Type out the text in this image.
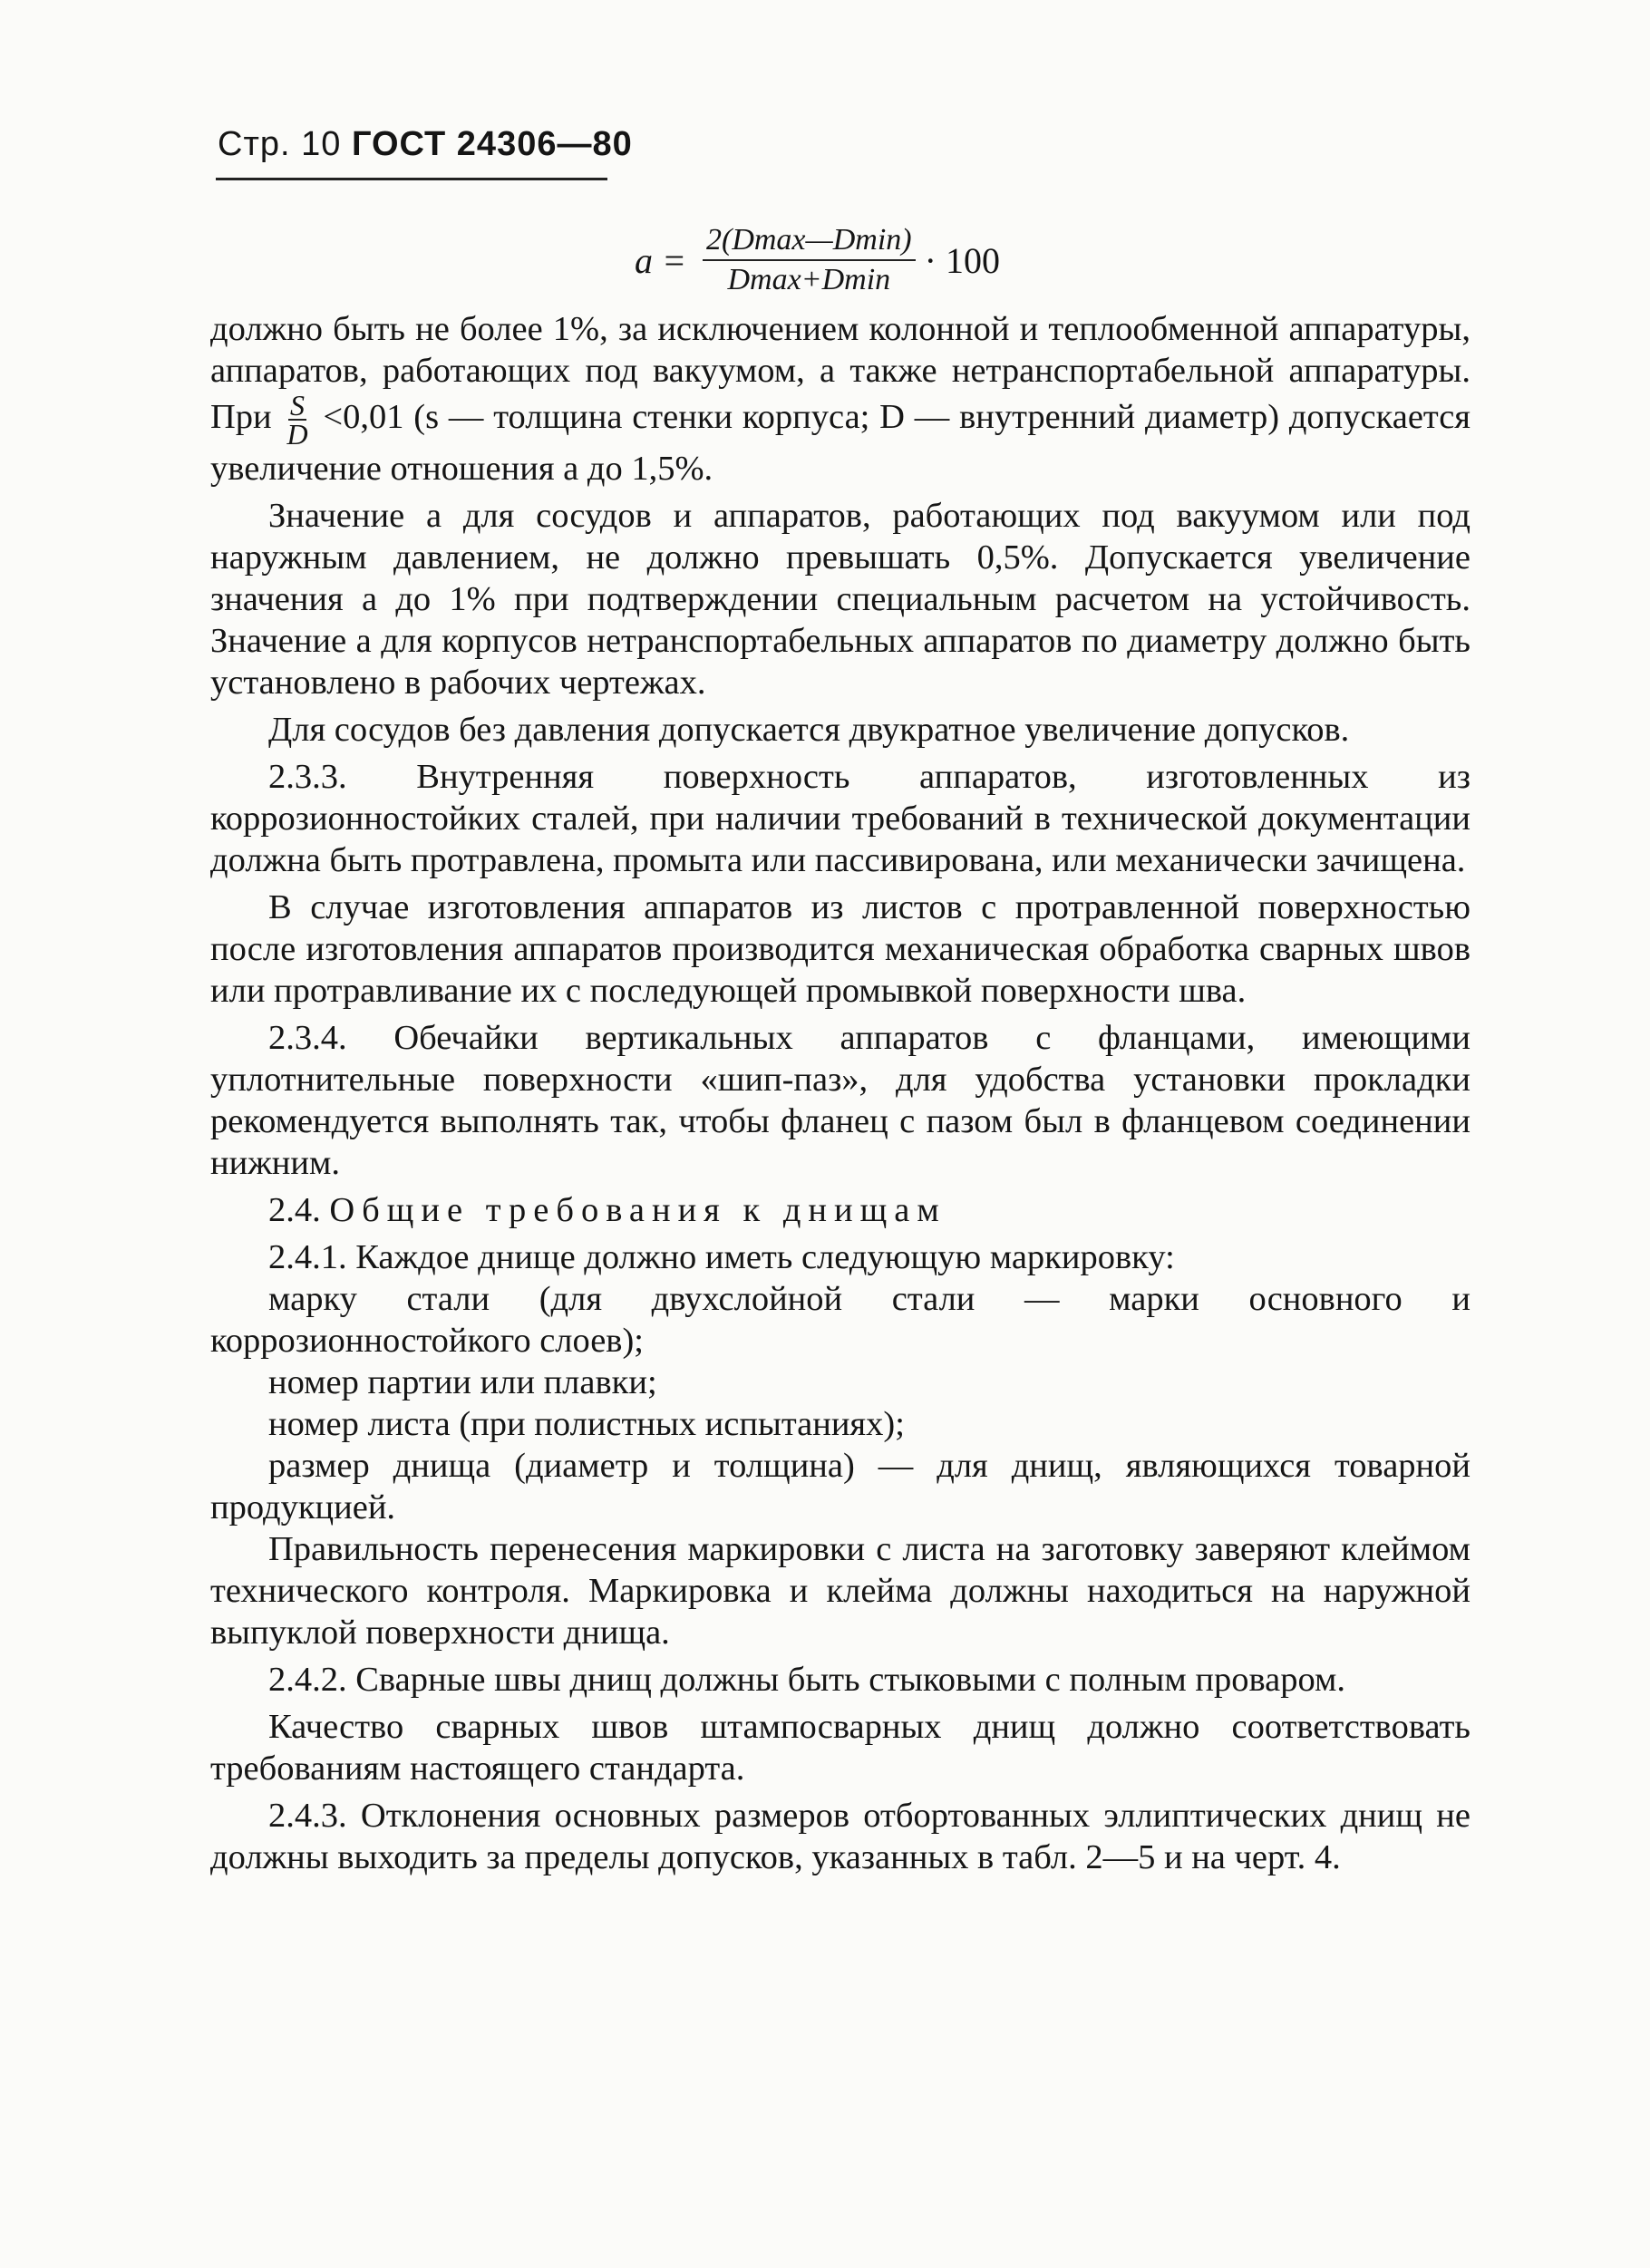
Стр. 10 ГОСТ 24306—80
$a = \frac{2(Dmax—Dmin)}{Dmax+Dmin} \cdot 100$

должно быть не более 1%, за исключением колонной и теплообменной аппаратуры, аппаратов, работающих под вакуумом, а также нетранспортабельной аппаратуры. При $\frac{S}{D} <0,01$ (s — толщина стенки корпуса; D — внутренний диаметр) допускается увеличение отношения a до 1,5%.

Значение a для сосудов и аппаратов, работающих под вакуумом или под наружным давлением, не должно превышать 0,5%. Допускается увеличение значения a до 1% при подтверждении специальным расчетом на устойчивость. Значение a для корпусов нетранспортабельных аппаратов по диаметру должно быть установлено в рабочих чертежах.

Для сосудов без давления допускается двукратное увеличение допусков.

2.3.3. Внутренняя поверхность аппаратов, изготовленных из коррозионностойких сталей, при наличии требований в технической документации должна быть протравлена, промыта или пассивирована, или механически зачищена.

В случае изготовления аппаратов из листов с протравленной поверхностью после изготовления аппаратов производится механическая обработка сварных швов или протравливание их с последующей промывкой поверхности шва.

2.3.4. Обечайки вертикальных аппаратов с фланцами, имеющими уплотнительные поверхности «шип-паз», для удобства установки прокладки рекомендуется выполнять так, чтобы фланец с пазом был в фланцевом соединении нижним.

2.4. Общие требования к днищам

2.4.1. Каждое днище должно иметь следующую маркировку:

марку стали (для двухслойной стали — марки основного и коррозионностойкого слоев);

номер партии или плавки;

номер листа (при полистных испытаниях);

размер днища (диаметр и толщина) — для днищ, являющихся товарной продукцией.

Правильность перенесения маркировки с листа на заготовку заверяют клеймом технического контроля. Маркировка и клейма должны находиться на наружной выпуклой поверхности днища.

2.4.2. Сварные швы днищ должны быть стыковыми с полным проваром.

Качество сварных швов штампосварных днищ должно соответствовать требованиям настоящего стандарта.

2.4.3. Отклонения основных размеров отбортованных эллиптических днищ не должны выходить за пределы допусков, указанных в табл. 2—5 и на черт. 4.
